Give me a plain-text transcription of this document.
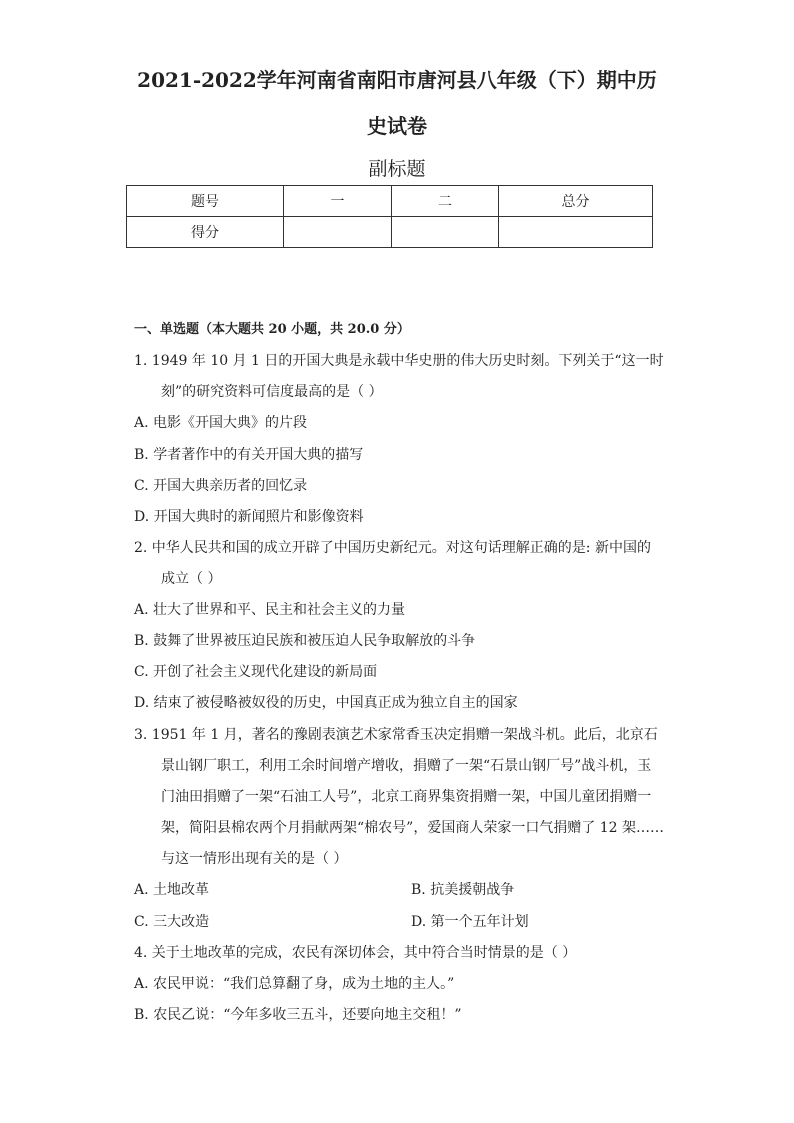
2021-2022学年河南省南阳市唐河县八年级（下）期中历
史试卷
副标题
题号	一	二	总分
得分			
一、单选题（本大题共 20 小题，共 20.0 分）
1. 1949 年 10 月 1 日的开国大典是永载中华史册的伟大历史时刻。下列关于“这一时
刻”的研究资料可信度最高的是（ ）
A. 电影《开国大典》的片段
B. 学者著作中的有关开国大典的描写
C. 开国大典亲历者的回忆录
D. 开国大典时的新闻照片和影像资料
2. 中华人民共和国的成立开辟了中国历史新纪元。对这句话理解正确的是: 新中国的
成立（ ）
A. 壮大了世界和平、民主和社会主义的力量
B. 鼓舞了世界被压迫民族和被压迫人民争取解放的斗争
C. 开创了社会主义现代化建设的新局面
D. 结束了被侵略被奴役的历史，中国真正成为独立自主的国家
3. 1951 年 1 月，著名的豫剧表演艺术家常香玉决定捐赠一架战斗机。此后，北京石
景山钢厂职工，利用工余时间增产增收，捐赠了一架“石景山钢厂号”战斗机，玉
门油田捐赠了一架“石油工人号”，北京工商界集资捐赠一架，中国儿童团捐赠一
架，简阳县棉农两个月捐献两架“棉农号”，爱国商人荣家一口气捐赠了 12 架……
与这一情形出现有关的是（ ）
A. 土地改革	B. 抗美援朝战争
C. 三大改造	D. 第一个五年计划
4. 关于土地改革的完成，农民有深切体会，其中符合当时情景的是（ ）
A. 农民甲说：“我们总算翻了身，成为土地的主人。”
B. 农民乙说：“今年多收三五斗，还要向地主交租！”
